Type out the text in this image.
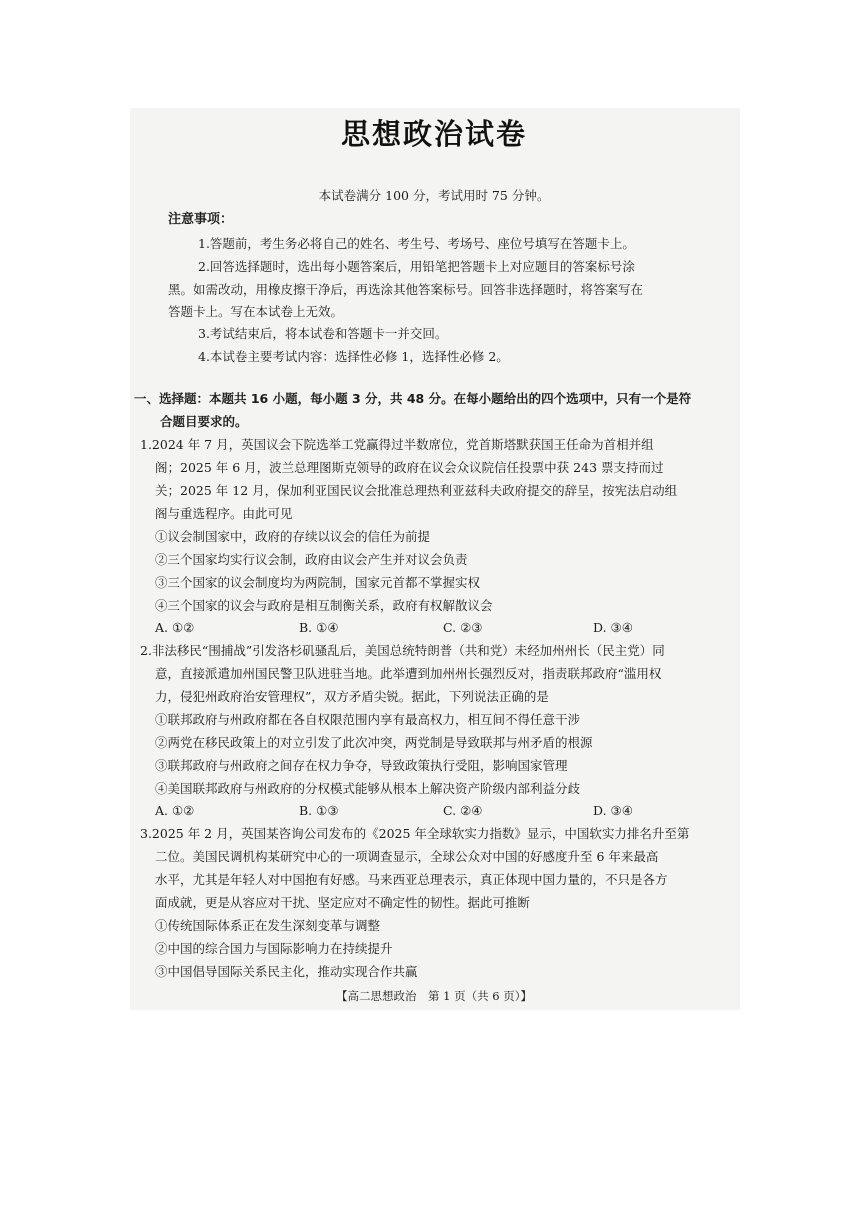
思想政治试卷
本试卷满分 100 分，考试用时 75 分钟。
注意事项：
1.答题前，考生务必将自己的姓名、考生号、考场号、座位号填写在答题卡上。
2.回答选择题时，选出每小题答案后，用铅笔把答题卡上对应题目的答案标号涂
黑。如需改动，用橡皮擦干净后，再选涂其他答案标号。回答非选择题时，将答案写在
答题卡上。写在本试卷上无效。
3.考试结束后，将本试卷和答题卡一并交回。
4.本试卷主要考试内容：选择性必修 1，选择性必修 2。
一、选择题：本题共 16 小题，每小题 3 分，共 48 分。在每小题给出的四个选项中，只有一个是符
合题目要求的。
1.2024 年 7 月，英国议会下院选举工党赢得过半数席位，党首斯塔默获国王任命为首相并组
阁；2025 年 6 月，波兰总理图斯克领导的政府在议会众议院信任投票中获 243 票支持而过
关；2025 年 12 月，保加利亚国民议会批准总理热利亚兹科夫政府提交的辞呈，按宪法启动组
阁与重选程序。由此可见
①议会制国家中，政府的存续以议会的信任为前提
②三个国家均实行议会制，政府由议会产生并对议会负责
③三个国家的议会制度均为两院制，国家元首都不掌握实权
④三个国家的议会与政府是相互制衡关系，政府有权解散议会
A. ①②	B. ①④	C. ②③	D. ③④
2.非法移民“围捕战”引发洛杉矶骚乱后，美国总统特朗普（共和党）未经加州州长（民主党）同
意，直接派遣加州国民警卫队进驻当地。此举遭到加州州长强烈反对，指责联邦政府“滥用权
力，侵犯州政府治安管理权”，双方矛盾尖锐。据此，下列说法正确的是
①联邦政府与州政府都在各自权限范围内享有最高权力，相互间不得任意干涉
②两党在移民政策上的对立引发了此次冲突，两党制是导致联邦与州矛盾的根源
③联邦政府与州政府之间存在权力争夺，导致政策执行受阻，影响国家管理
④美国联邦政府与州政府的分权模式能够从根本上解决资产阶级内部利益分歧
A. ①②	B. ①③	C. ②④	D. ③④
3.2025 年 2 月，英国某咨询公司发布的《2025 年全球软实力指数》显示，中国软实力排名升至第
二位。美国民调机构某研究中心的一项调查显示，全球公众对中国的好感度升至 6 年来最高
水平，尤其是年轻人对中国抱有好感。马来西亚总理表示，真正体现中国力量的，不只是各方
面成就，更是从容应对干扰、坚定应对不确定性的韧性。据此可推断
①传统国际体系正在发生深刻变革与调整
②中国的综合国力与国际影响力在持续提升
③中国倡导国际关系民主化，推动实现合作共赢
【高二思想政治　第 1 页（共 6 页）】
